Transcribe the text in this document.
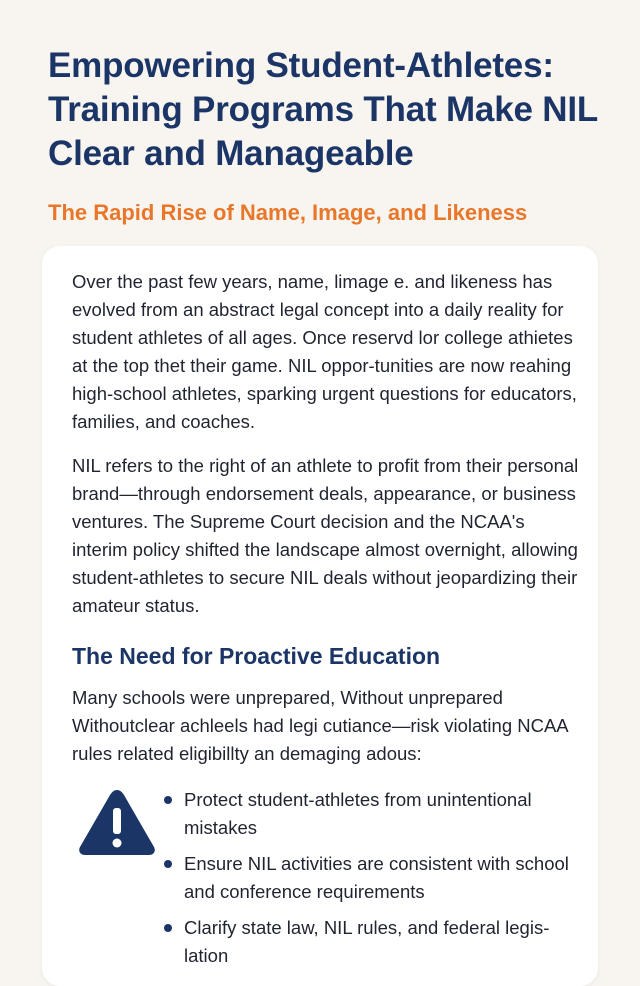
Empowering Student-Athletes: Training Programs That Make NIL Clear and Manageable
The Rapid Rise of Name, Image, and Likeness

Over the past few years, name, limage e. and likeness has evolved from an abstract legal concept into a daily reality for student athletes of all ages. Once reservd lor college athietes at the top thet their game. NIL oppor-tunities are now reahing high-school athletes, sparking urgent questions for educators, families, and coaches.

NIL refers to the right of an athlete to profit from their personal brand—through endorsement deals, appearance, or business ventures. The Supreme Court decision and the NCAA's interim policy shifted the landscape almost overnight, allowing student-athletes to secure NIL deals without jeopardizing their amateur status.

The Need for Proactive Education

Many schools were unprepared, Without unprepared Withoutclear achleels had legi cutiance—risk violating NCAA rules related eligibillty an demaging adous:

Protect student-athletes from unintentional mistakes
Ensure NIL activities are consistent with school and conference requirements
Clarify state law, NIL rules, and federal legis-lation
